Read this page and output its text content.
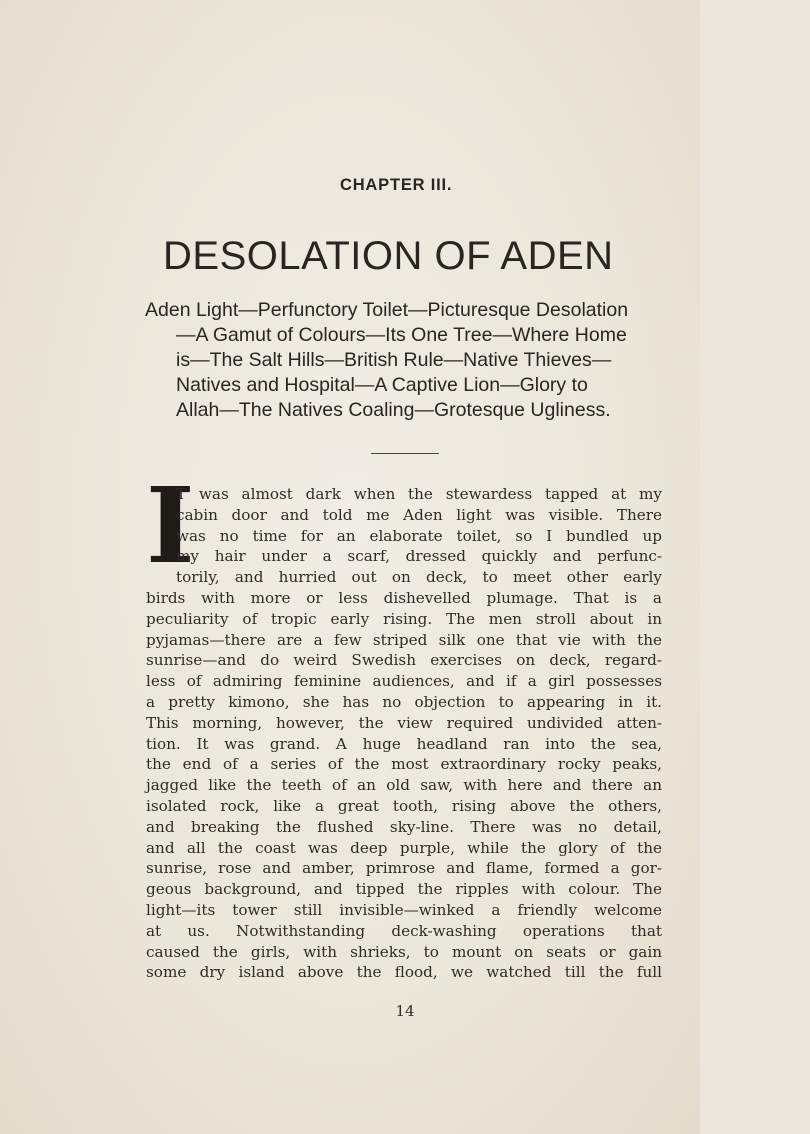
CHAPTER III.
DESOLATION OF ADEN
Aden Light—Perfunctory Toilet—Picturesque Desolation
—A Gamut of Colours—Its One Tree—Where Home
is—The Salt Hills—British Rule—Native Thieves—
Natives and Hospital—A Captive Lion—Glory to
Allah—The Natives Coaling—Grotesque Ugliness.
I
T was almost dark when the stewardess tapped at my
cabin door and told me Aden light was visible. There
was no time for an elaborate toilet, so I bundled up
my hair under a scarf, dressed quickly and perfunc-
torily, and hurried out on deck, to meet other early
birds with more or less dishevelled plumage. That is a
peculiarity of tropic early rising. The men stroll about in
pyjamas—there are a few striped silk one that vie with the
sunrise—and do weird Swedish exercises on deck, regard-
less of admiring feminine audiences, and if a girl possesses
a pretty kimono, she has no objection to appearing in it.
This morning, however, the view required undivided atten-
tion. It was grand. A huge headland ran into the sea,
the end of a series of the most extraordinary rocky peaks,
jagged like the teeth of an old saw, with here and there an
isolated rock, like a great tooth, rising above the others,
and breaking the flushed sky-line. There was no detail,
and all the coast was deep purple, while the glory of the
sunrise, rose and amber, primrose and flame, formed a gor-
geous background, and tipped the ripples with colour. The
light—its tower still invisible—winked a friendly welcome
at us. Notwithstanding deck-washing operations that
caused the girls, with shrieks, to mount on seats or gain
some dry island above the flood, we watched till the full
14
